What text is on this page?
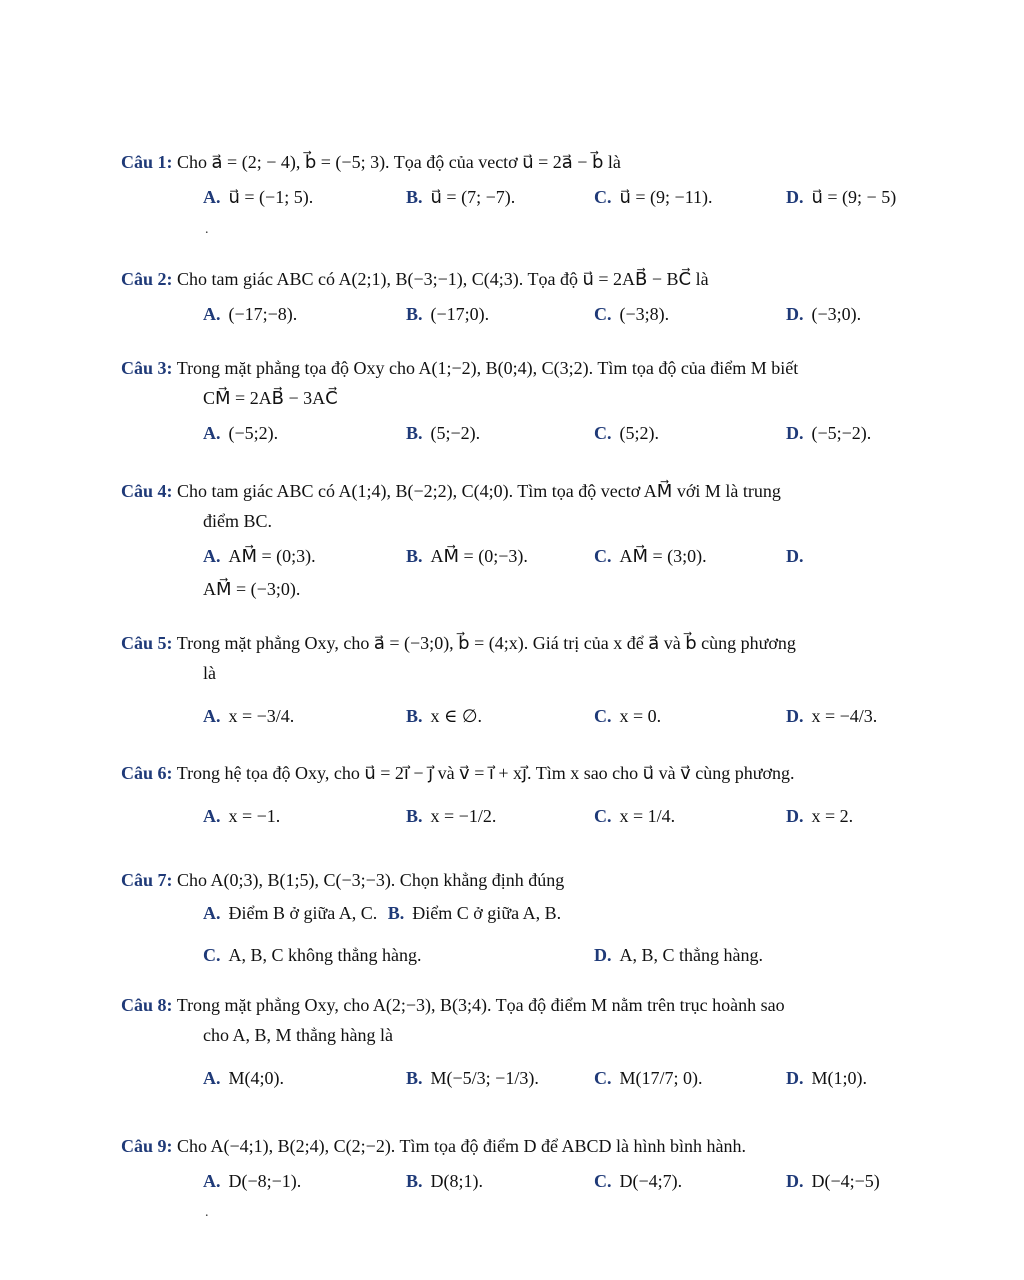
Câu 1: Cho a⃗ = (2; − 4), b⃗ = (−5; 3). Tọa độ của vectơ u⃗ = 2a⃗ − b⃗ là
A. u⃗ = (−1; 5).	B. u⃗ = (7; −7).	C. u⃗ = (9; −11).	D. u⃗ = (9; − 5)
.
Câu 2: Cho tam giác ABC có A(2;1), B(−3;−1), C(4;3). Tọa độ u⃗ = 2AB⃗ − BC⃗ là
A. (−17;−8).	B. (−17;0).	C. (−3;8).	D. (−3;0).
Câu 3: Trong mặt phẳng tọa độ Oxy cho A(1;−2), B(0;4), C(3;2). Tìm tọa độ của điểm M biết
CM⃗ = 2AB⃗ − 3AC⃗
A. (−5;2).	B. (5;−2).	C. (5;2).	D. (−5;−2).
Câu 4: Cho tam giác ABC có A(1;4), B(−2;2), C(4;0). Tìm tọa độ vectơ AM⃗ với M là trung
điểm BC.
A. AM⃗ = (0;3).	B. AM⃗ = (0;−3).	C. AM⃗ = (3;0).	D.
AM⃗ = (−3;0).
Câu 5: Trong mặt phẳng Oxy, cho a⃗ = (−3;0), b⃗ = (4;x). Giá trị của x để a⃗ và b⃗ cùng phương
là
A. x = −3/4.	B. x ∈ ∅.	C. x = 0.	D. x = −4/3.
Câu 6: Trong hệ tọa độ Oxy, cho u⃗ = 2i⃗ − j⃗ và v⃗ = i⃗ + xj⃗. Tìm x sao cho u⃗ và v⃗ cùng phương.
A. x = −1.	B. x = −1/2.	C. x = 1/4.	D. x = 2.
Câu 7: Cho A(0;3), B(1;5), C(−3;−3). Chọn khẳng định đúng
A. Điểm B ở giữa A, C. B. Điểm C ở giữa A, B.
C. A, B, C không thẳng hàng.	D. A, B, C thẳng hàng.
Câu 8: Trong mặt phẳng Oxy, cho A(2;−3), B(3;4). Tọa độ điểm M nằm trên trục hoành sao
cho A, B, M thẳng hàng là
A. M(4;0).	B. M(−5/3; −1/3).	C. M(17/7; 0).	D. M(1;0).
Câu 9: Cho A(−4;1), B(2;4), C(2;−2). Tìm tọa độ điểm D để ABCD là hình bình hành.
A. D(−8;−1).	B. D(8;1).	C. D(−4;7).	D. D(−4;−5)
.
